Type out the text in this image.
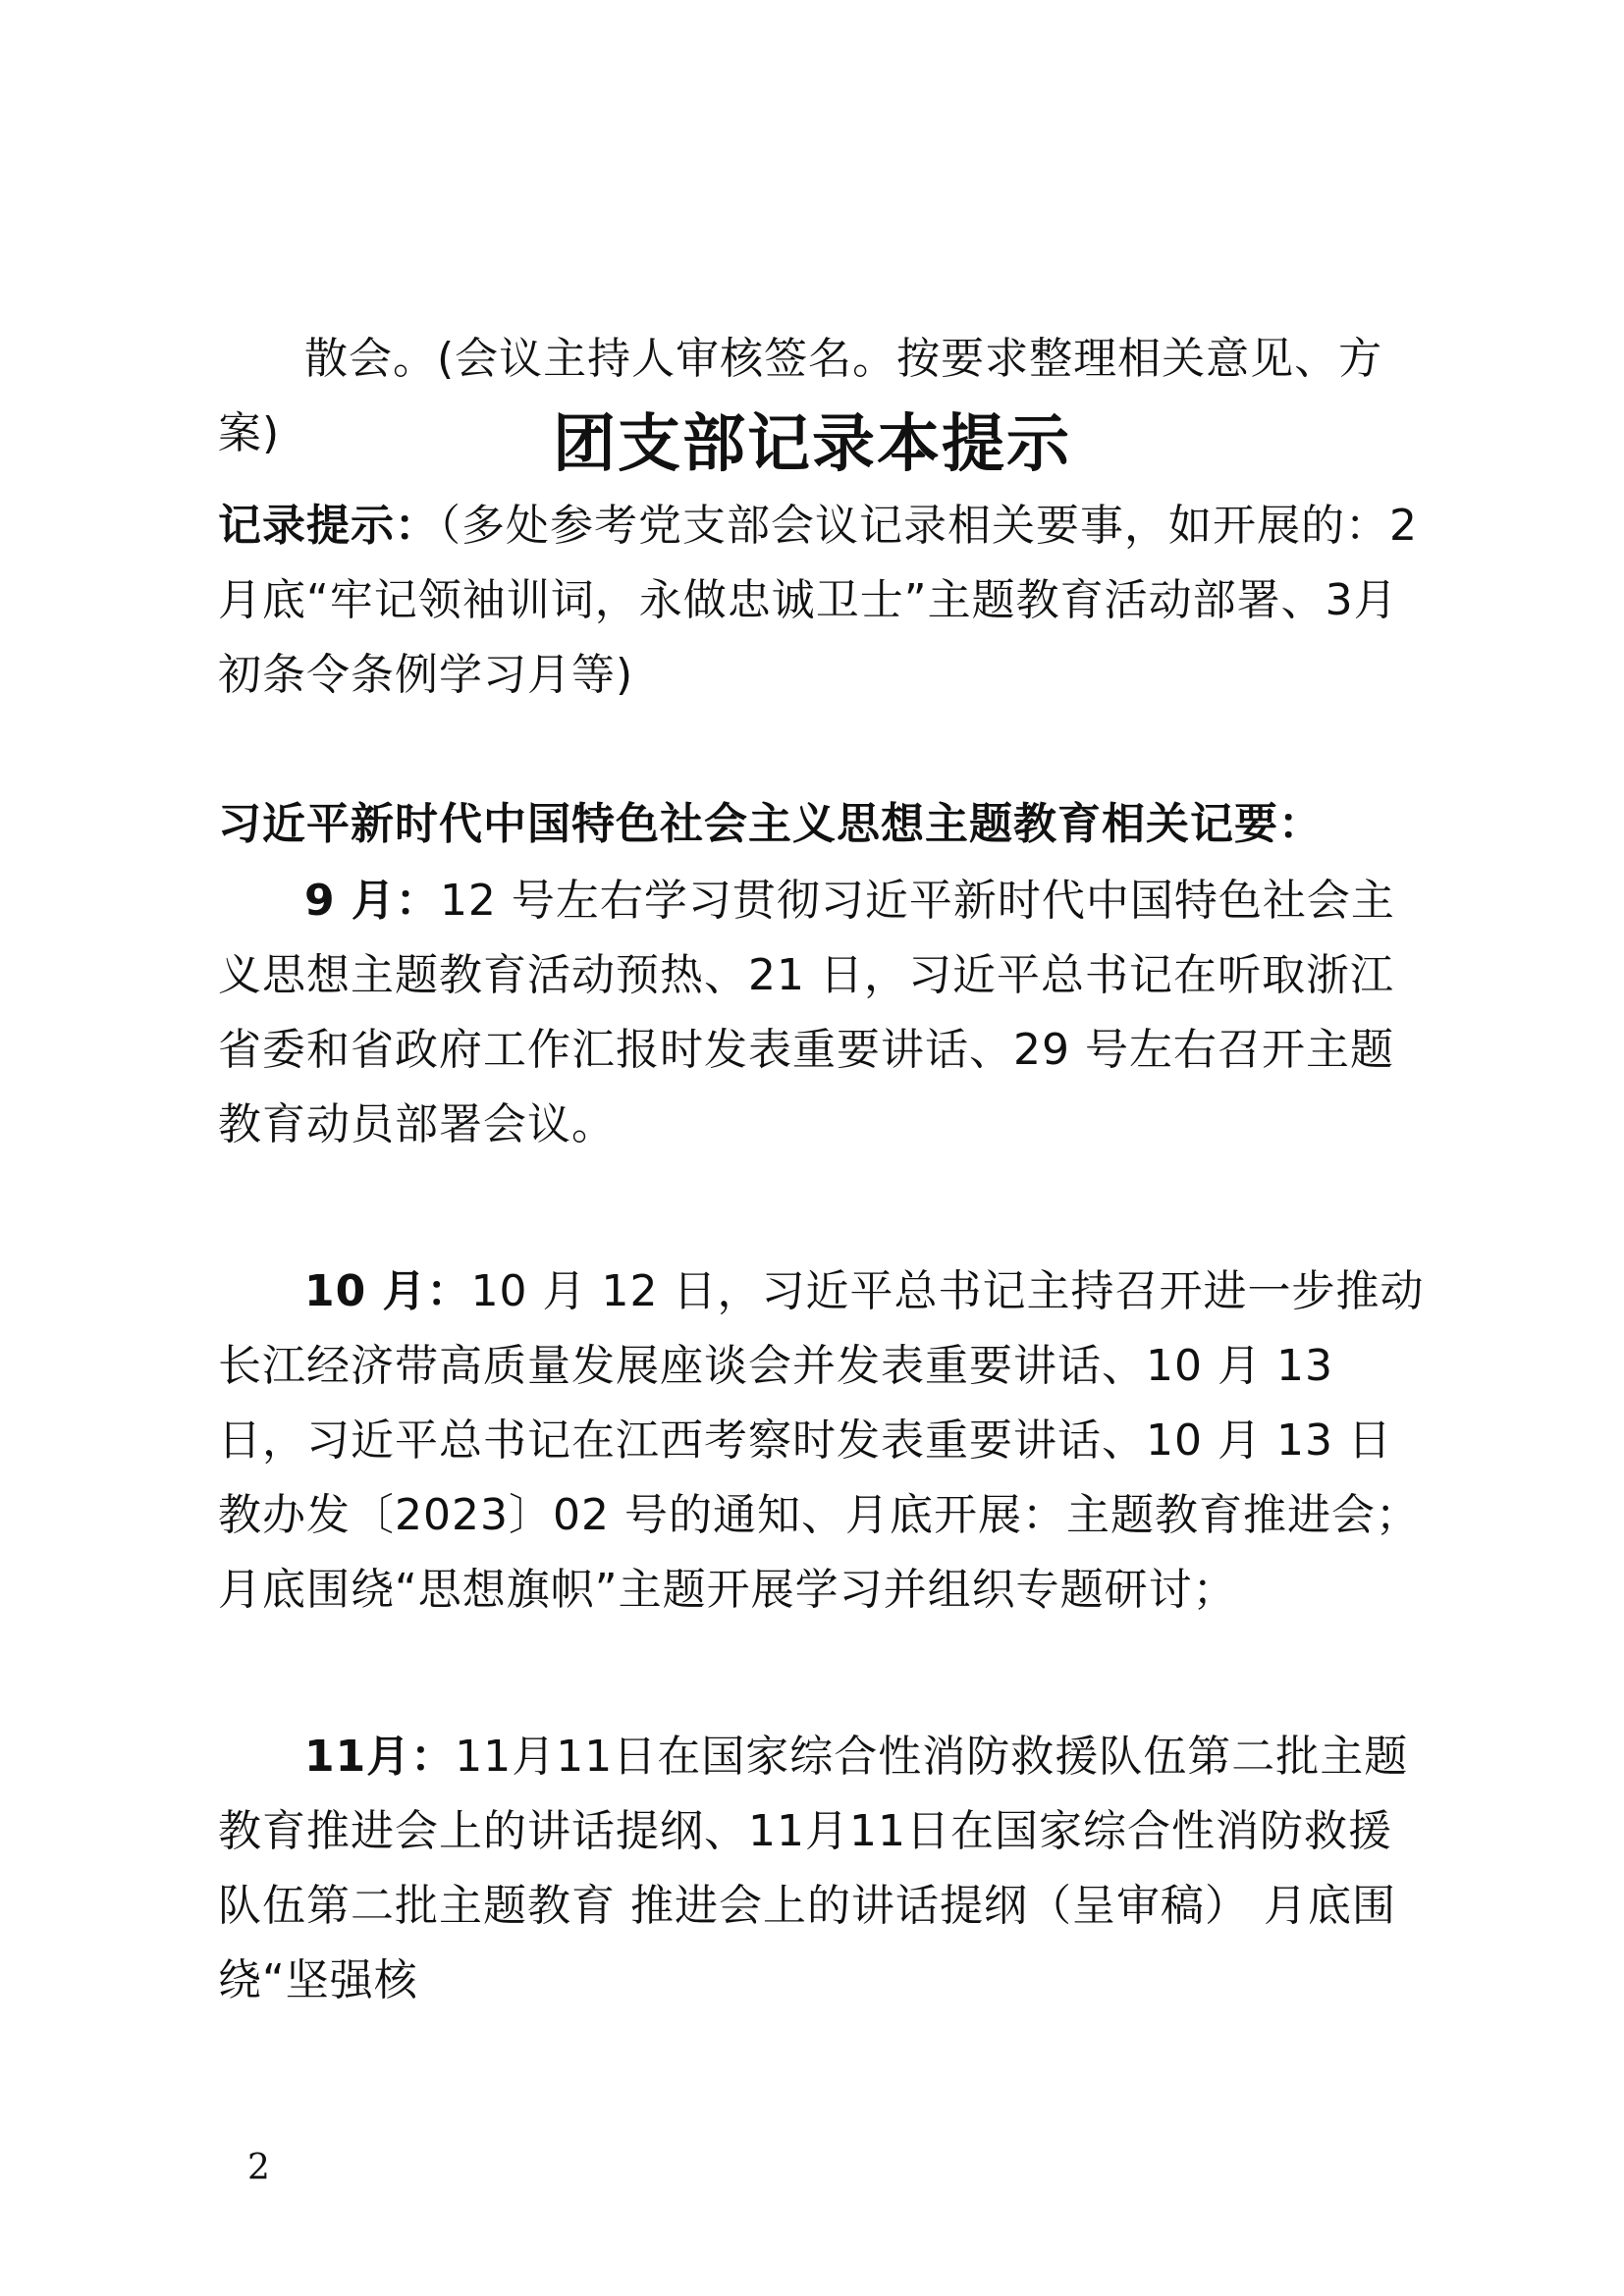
散会。(会议主持人审核签名。按要求整理相关意见、方案)	团支部记录本提示

记录提示：（多处参考党支部会议记录相关要事，如开展的：2月底“牢记领袖训词，永做忠诚卫士”主题教育活动部署、3月初条令条例学习月等)

习近平新时代中国特色社会主义思想主题教育相关记要：

9 月：12 号左右学习贯彻习近平新时代中国特色社会主义思想主题教育活动预热、21 日，习近平总书记在听取浙江省委和省政府工作汇报时发表重要讲话、29 号左右召开主题教育动员部署会议。

10 月：10 月 12 日，习近平总书记主持召开进一步推动长江经济带高质量发展座谈会并发表重要讲话、10 月 13 日，习近平总书记在江西考察时发表重要讲话、10 月 13 日教办发〔2023〕02 号的通知、月底开展：主题教育推进会；月底围绕“思想旗帜”主题开展学习并组织专题研讨；

11月：11月11日在国家综合性消防救援队伍第二批主题教育推进会上的讲话提纲、11月11日在国家综合性消防救援队伍第二批主题教育 推进会上的讲话提纲（呈审稿） 月底围绕“坚强核

2
